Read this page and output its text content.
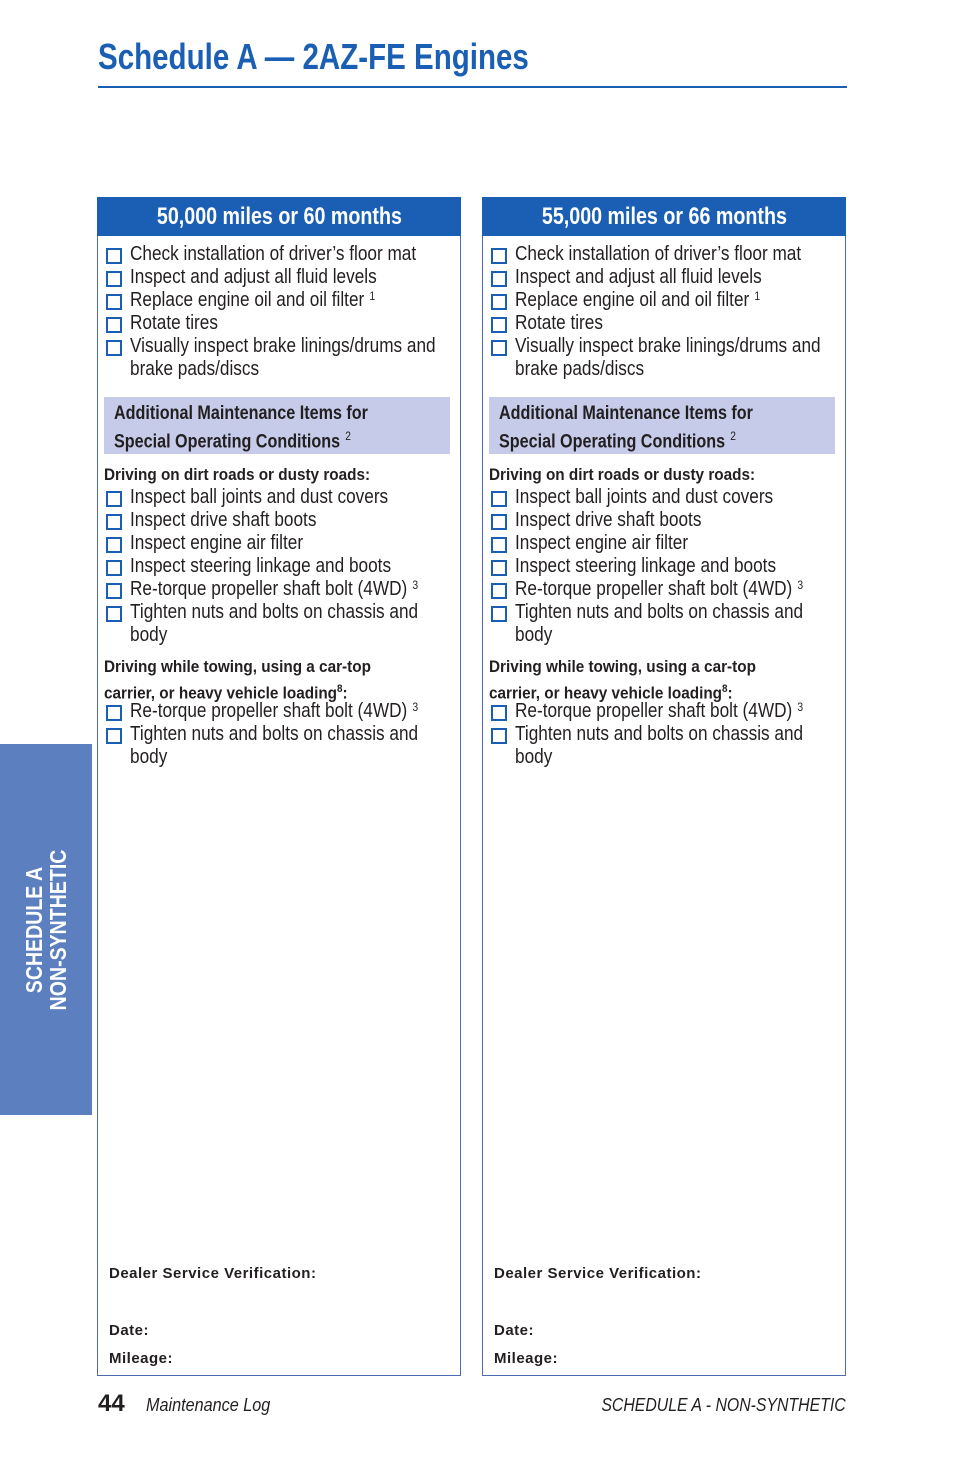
Schedule A — 2AZ-FE Engines
SCHEDULE A
NON-SYNTHETIC
50,000 miles or 60 months
Check installation of driver’s floor mat
Inspect and adjust all fluid levels
Replace engine oil and oil filter $^1$
Rotate tires
Visually inspect brake linings/drums and
brake pads/discs
Additional Maintenance Items for
Special Operating Conditions $^2$
Driving on dirt roads or dusty roads:
Inspect ball joints and dust covers
Inspect drive shaft boots
Inspect engine air filter
Inspect steering linkage and boots
Re-torque propeller shaft bolt (4WD) $^3$
Tighten nuts and bolts on chassis and
body
Driving while towing, using a car-top
carrier, or heavy vehicle loading$^8$:
Re-torque propeller shaft bolt (4WD) $^3$
Tighten nuts and bolts on chassis and
body
Dealer Service Verification:
Date:
Mileage:
55,000 miles or 66 months
Check installation of driver’s floor mat
Inspect and adjust all fluid levels
Replace engine oil and oil filter $^1$
Rotate tires
Visually inspect brake linings/drums and
brake pads/discs
Additional Maintenance Items for
Special Operating Conditions $^2$
Driving on dirt roads or dusty roads:
Inspect ball joints and dust covers
Inspect drive shaft boots
Inspect engine air filter
Inspect steering linkage and boots
Re-torque propeller shaft bolt (4WD) $^3$
Tighten nuts and bolts on chassis and
body
Driving while towing, using a car-top
carrier, or heavy vehicle loading$^8$:
Re-torque propeller shaft bolt (4WD) $^3$
Tighten nuts and bolts on chassis and
body
Dealer Service Verification:
Date:
Mileage:
44 Maintenance Log	SCHEDULE A - NON-SYNTHETIC
